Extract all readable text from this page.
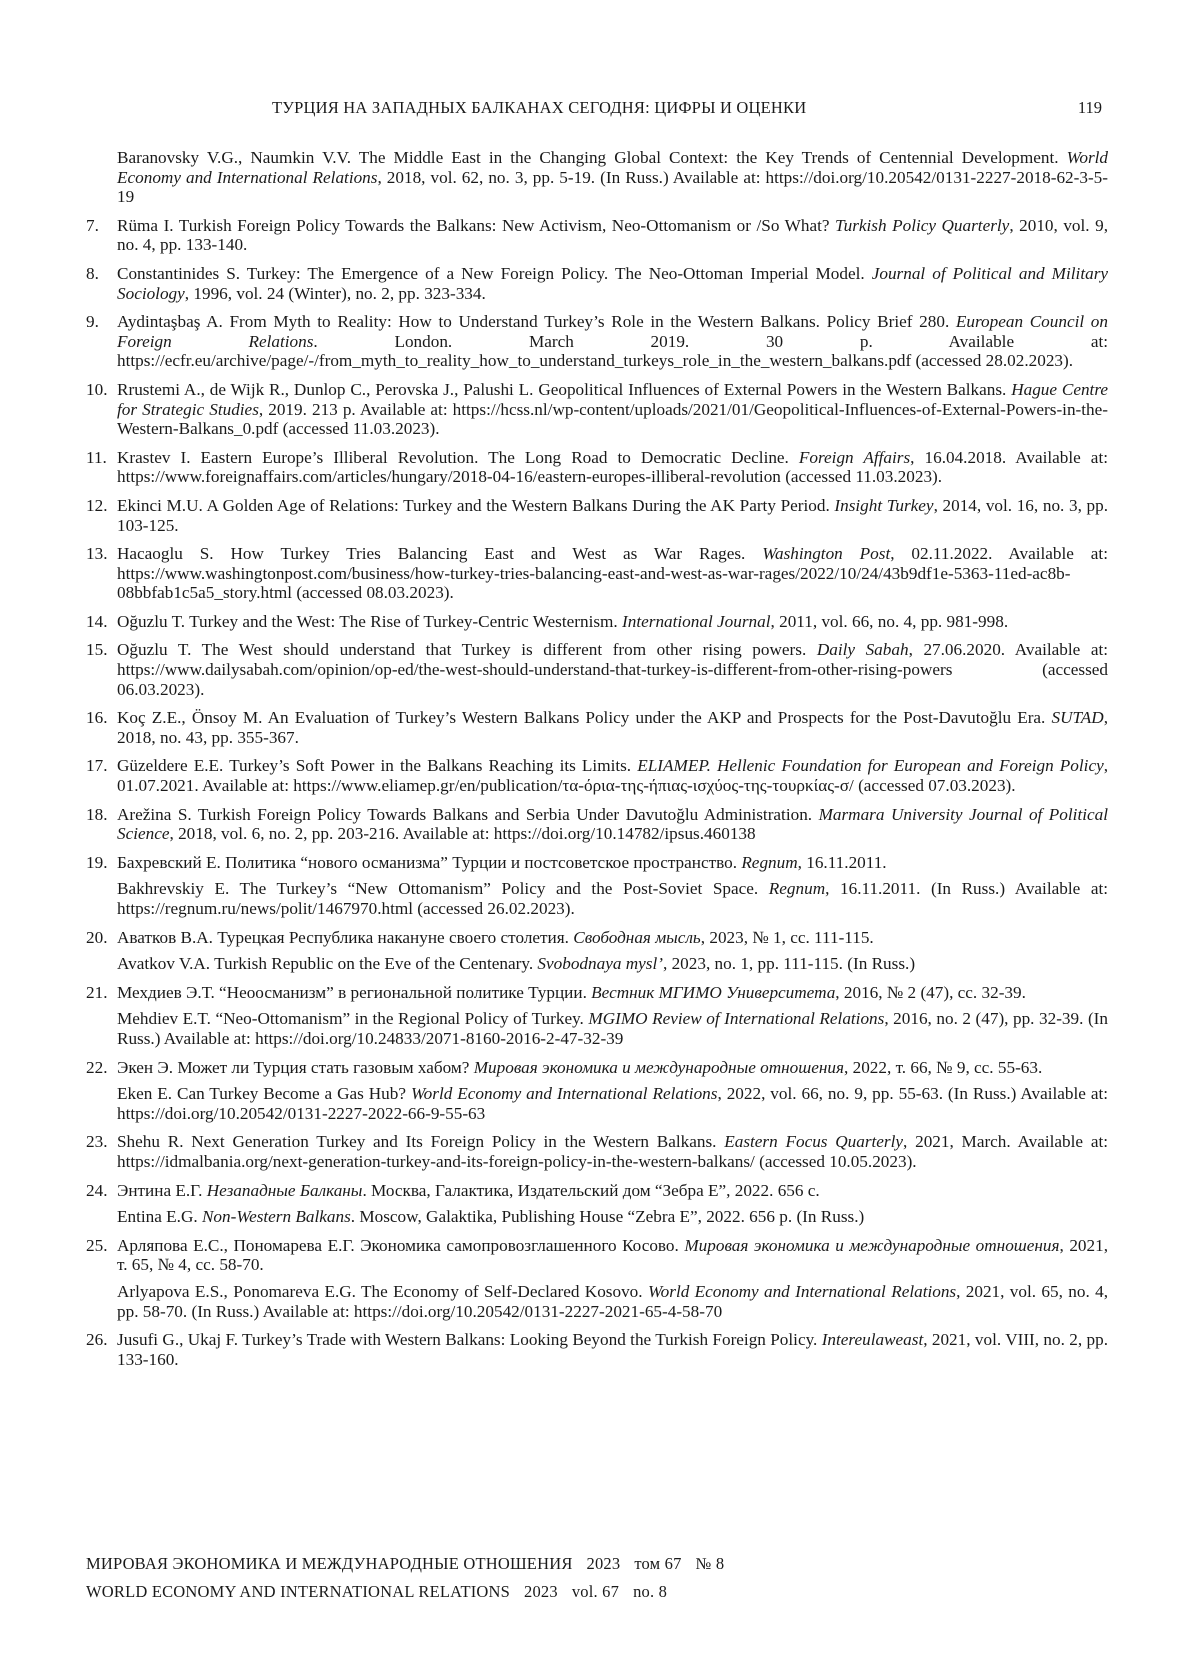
ТУРЦИЯ НА ЗАПАДНЫХ БАЛКАНАХ СЕГОДНЯ: ЦИФРЫ И ОЦЕНКИ	119
Baranovsky V.G., Naumkin V.V. The Middle East in the Changing Global Context: the Key Trends of Centennial Development. World Economy and International Relations, 2018, vol. 62, no. 3, pp. 5-19. (In Russ.) Available at: https://doi.org/10.20542/0131-2227-2018-62-3-5-19
7.	Rüma I. Turkish Foreign Policy Towards the Balkans: New Activism, Neo-Ottomanism or /So What? Turkish Policy Quarterly, 2010, vol. 9, no. 4, pp. 133-140.
8.	Constantinides S. Turkey: The Emergence of a New Foreign Policy. The Neo-Ottoman Imperial Model. Journal of Political and Military Sociology, 1996, vol. 24 (Winter), no. 2, pp. 323-334.
9.	Aydintaşbaş A. From Myth to Reality: How to Understand Turkey’s Role in the Western Balkans. Policy Brief 280. European Council on Foreign Relations. London. March 2019. 30 p. Available at: https://ecfr.eu/archive/page/-/from_myth_to_reality_how_to_understand_turkeys_role_in_the_western_balkans.pdf (accessed 28.02.2023).
10. Rrustemi A., de Wijk R., Dunlop C., Perovska J., Palushi L. Geopolitical Influences of External Powers in the Western Balkans. Hague Centre for Strategic Studies, 2019. 213 p. Available at: https://hcss.nl/wp-content/uploads/2021/01/Geopolitical-Influences-of-External-Powers-in-the-Western-Balkans_0.pdf (accessed 11.03.2023).
11. Krastev I. Eastern Europe’s Illiberal Revolution. The Long Road to Democratic Decline. Foreign Affairs, 16.04.2018. Available at: https://www.foreignaffairs.com/articles/hungary/2018-04-16/eastern-europes-illiberal-revolution (accessed 11.03.2023).
12. Ekinci M.U. A Golden Age of Relations: Turkey and the Western Balkans During the AK Party Period. Insight Turkey, 2014, vol. 16, no. 3, pp. 103-125.
13. Hacaoglu S. How Turkey Tries Balancing East and West as War Rages. Washington Post, 02.11.2022. Available at: https://www.washingtonpost.com/business/how-turkey-tries-balancing-east-and-west-as-war-rages/2022/10/24/43b9df1e-5363-11ed-ac8b-08bbfab1c5a5_story.html (accessed 08.03.2023).
14. Oğuzlu T. Turkey and the West: The Rise of Turkey-Centric Westernism. International Journal, 2011, vol. 66, no. 4, pp. 981-998.
15. Oğuzlu T. The West should understand that Turkey is different from other rising powers. Daily Sabah, 27.06.2020. Available at: https://www.dailysabah.com/opinion/op-ed/the-west-should-understand-that-turkey-is-different-from-other-rising-powers (accessed 06.03.2023).
16. Koç Z.E., Önsoy M. An Evaluation of Turkey’s Western Balkans Policy under the AKP and Prospects for the Post-Davutoğlu Era. SUTAD, 2018, no. 43, pp. 355-367.
17. Güzeldere E.E. Turkey’s Soft Power in the Balkans Reaching its Limits. ELIAMEP. Hellenic Foundation for European and Foreign Policy, 01.07.2021. Available at: https://www.eliamep.gr/en/publication/τα-όρια-της-ήπιας-ισχύος-της-τουρκίας-σ/ (accessed 07.03.2023).
18. Arežina S. Turkish Foreign Policy Towards Balkans and Serbia Under Davutoğlu Administration. Marmara University Journal of Political Science, 2018, vol. 6, no. 2, pp. 203-216. Available at: https://doi.org/10.14782/ipsus.460138
19. Бахревский Е. Политика “нового османизма” Турции и постсоветское пространство. Regnum, 16.11.2011.
Bakhrevskiy E. The Turkey’s “New Ottomanism” Policy and the Post-Soviet Space. Regnum, 16.11.2011. (In Russ.) Available at: https://regnum.ru/news/polit/1467970.html (accessed 26.02.2023).
20. Аватков В.А. Турецкая Республика накануне своего столетия. Свободная мысль, 2023, № 1, сс. 111-115.
Avatkov V.A. Turkish Republic on the Eve of the Centenary. Svobodnaya mysl’, 2023, no. 1, pp. 111-115. (In Russ.)
21. Мехдиев Э.Т. “Неоосманизм” в региональной политике Турции. Вестник МГИМО Университета, 2016, № 2 (47), сс. 32-39.
Mehdiev E.T. “Neo-Ottomanism” in the Regional Policy of Turkey. MGIMO Review of International Relations, 2016, no. 2 (47), pp. 32-39. (In Russ.) Available at: https://doi.org/10.24833/2071-8160-2016-2-47-32-39
22. Экен Э. Может ли Турция стать газовым хабом? Мировая экономика и международные отношения, 2022, т. 66, № 9, сс. 55-63.
Eken E. Can Turkey Become a Gas Hub? World Economy and International Relations, 2022, vol. 66, no. 9, pp. 55-63. (In Russ.) Available at: https://doi.org/10.20542/0131-2227-2022-66-9-55-63
23. Shehu R. Next Generation Turkey and Its Foreign Policy in the Western Balkans. Eastern Focus Quarterly, 2021, March. Available at: https://idmalbania.org/next-generation-turkey-and-its-foreign-policy-in-the-western-balkans/ (accessed 10.05.2023).
24. Энтина Е.Г. Незападные Балканы. Москва, Галактика, Издательский дом “Зебра Е”, 2022. 656 с.
Entina E.G. Non-Western Balkans. Moscow, Galaktika, Publishing House “Zebra E”, 2022. 656 p. (In Russ.)
25. Арляпова Е.С., Пономарева Е.Г. Экономика самопровозглашенного Косово. Мировая экономика и международные отношения, 2021, т. 65, № 4, сс. 58-70.
Arlyapova E.S., Ponomareva E.G. The Economy of Self-Declared Kosovo. World Economy and International Relations, 2021, vol. 65, no. 4, pp. 58-70. (In Russ.) Available at: https://doi.org/10.20542/0131-2227-2021-65-4-58-70
26. Jusufi G., Ukaj F. Turkey’s Trade with Western Balkans: Looking Beyond the Turkish Foreign Policy. Intereulaweast, 2021, vol. VIII, no. 2, pp. 133-160.
МИРОВАЯ ЭКОНОМИКА И МЕЖДУНАРОДНЫЕ ОТНОШЕНИЯ 2023 том 67 № 8
WORLD ECONOMY AND INTERNATIONAL RELATIONS 2023 vol. 67 no. 8
